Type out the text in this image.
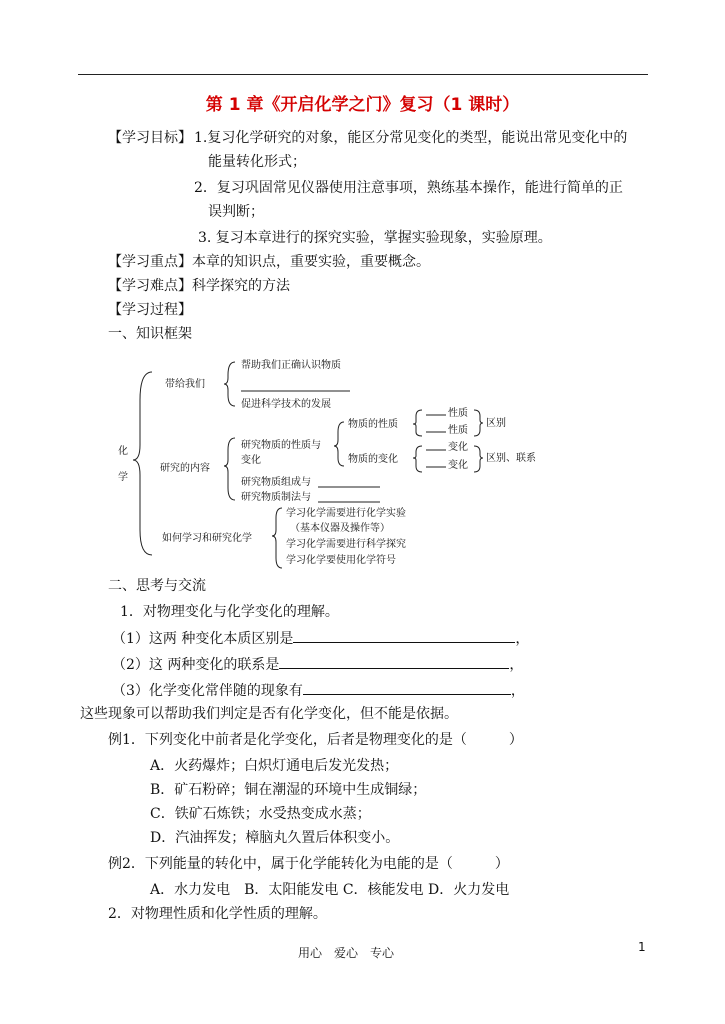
第 1 章《开启化学之门》复习（1 课时）
【学习目标】 1.复习化学研究的对象，能区分常见变化的类型，能说出常见变化中的
能量转化形式；
2．复习巩固常见仪器使用注意事项，熟练基本操作，能进行简单的正
误判断；
3. 复习本章进行的探究实验，掌握实验现象，实验原理。
【学习重点】本章的知识点，重要实验，重要概念。
【学习难点】科学探究的方法
【学习过程】
一、知识框架
化
学
带给我们
帮助我们正确认识物质
促进科学技术的发展
研究的内容
研究物质的性质与
变化
物质的性质
性质
性质
区别
物质的变化
变化
变化
区别、联系
研究物质组成与
研究物质制法与
如何学习和研究化学
学习化学需要进行化学实验
（基本仪器及操作等）
学习化学需要进行科学探究
学习化学要使用化学符号
二、思考与交流
1．对物理变化与化学变化的理解。
（1）这两 种变化本质区别是	，
（2）这 两种变化的联系是	，
（3）化学变化常伴随的现象有	，
这些现象可以帮助我们判定是否有化学变化，但不能是依据。
例1．下列变化中前者是化学变化，后者是物理变化的是（　　　）
A．火药爆炸；白炽灯通电后发光发热；
B．矿石粉碎；铜在潮湿的环境中生成铜绿；
C．铁矿石炼铁；水受热变成水蒸；
D．汽油挥发；樟脑丸久置后体积变小。
例2．下列能量的转化中，属于化学能转化为电能的是（　　　）
A．水力发电　B．太阳能发电 C．核能发电 D．火力发电
2．对物理性质和化学性质的理解。
用心　爱心　专心	1
